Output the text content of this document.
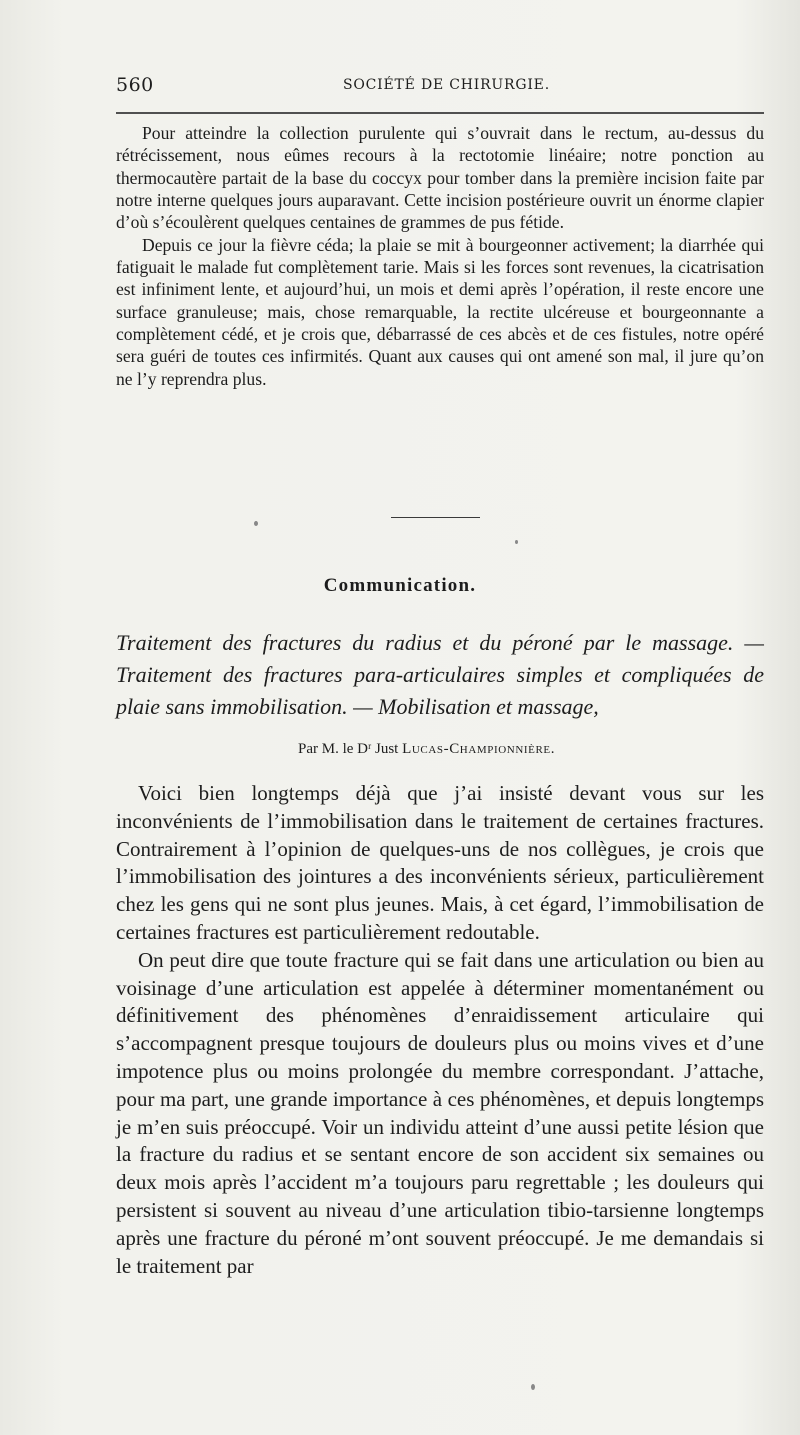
560	SOCIÉTÉ DE CHIRURGIE.

Pour atteindre la collection purulente qui s’ouvrait dans le rectum, au-dessus du rétrécissement, nous eûmes recours à la rectotomie linéaire; notre ponction au thermocautère partait de la base du coccyx pour tomber dans la première incision faite par notre interne quelques jours auparavant. Cette incision postérieure ouvrit un énorme clapier d’où s’écoulèrent quelques centaines de grammes de pus fétide.

Depuis ce jour la fièvre céda; la plaie se mit à bourgeonner activement; la diarrhée qui fatiguait le malade fut complètement tarie. Mais si les forces sont revenues, la cicatrisation est infiniment lente, et aujourd’hui, un mois et demi après l’opération, il reste encore une surface granuleuse; mais, chose remarquable, la rectite ulcéreuse et bourgeonnante a complètement cédé, et je crois que, débarrassé de ces abcès et de ces fistules, notre opéré sera guéri de toutes ces infirmités. Quant aux causes qui ont amené son mal, il jure qu’on ne l’y reprendra plus.

Communication.
Traitement des fractures du radius et du péroné par le massage. — Traitement des fractures para-articulaires simples et compliquées de plaie sans immobilisation. — Mobilisation et massage,
Par M. le Dʳ Just Lucas-Championnière.

Voici bien longtemps déjà que j’ai insisté devant vous sur les inconvénients de l’immobilisation dans le traitement de certaines fractures. Contrairement à l’opinion de quelques-uns de nos collègues, je crois que l’immobilisation des jointures a des inconvénients sérieux, particulièrement chez les gens qui ne sont plus jeunes. Mais, à cet égard, l’immobilisation de certaines fractures est particulièrement redoutable.

On peut dire que toute fracture qui se fait dans une articulation ou bien au voisinage d’une articulation est appelée à déterminer momentanément ou définitivement des phénomènes d’enraidissement articulaire qui s’accompagnent presque toujours de douleurs plus ou moins vives et d’une impotence plus ou moins prolongée du membre correspondant. J’attache, pour ma part, une grande importance à ces phénomènes, et depuis longtemps je m’en suis préoccupé. Voir un individu atteint d’une aussi petite lésion que la fracture du radius et se sentant encore de son accident six semaines ou deux mois après l’accident m’a toujours paru regrettable ; les douleurs qui persistent si souvent au niveau d’une articulation tibio-tarsienne longtemps après une fracture du péroné m’ont souvent préoccupé. Je me demandais si le traitement par
